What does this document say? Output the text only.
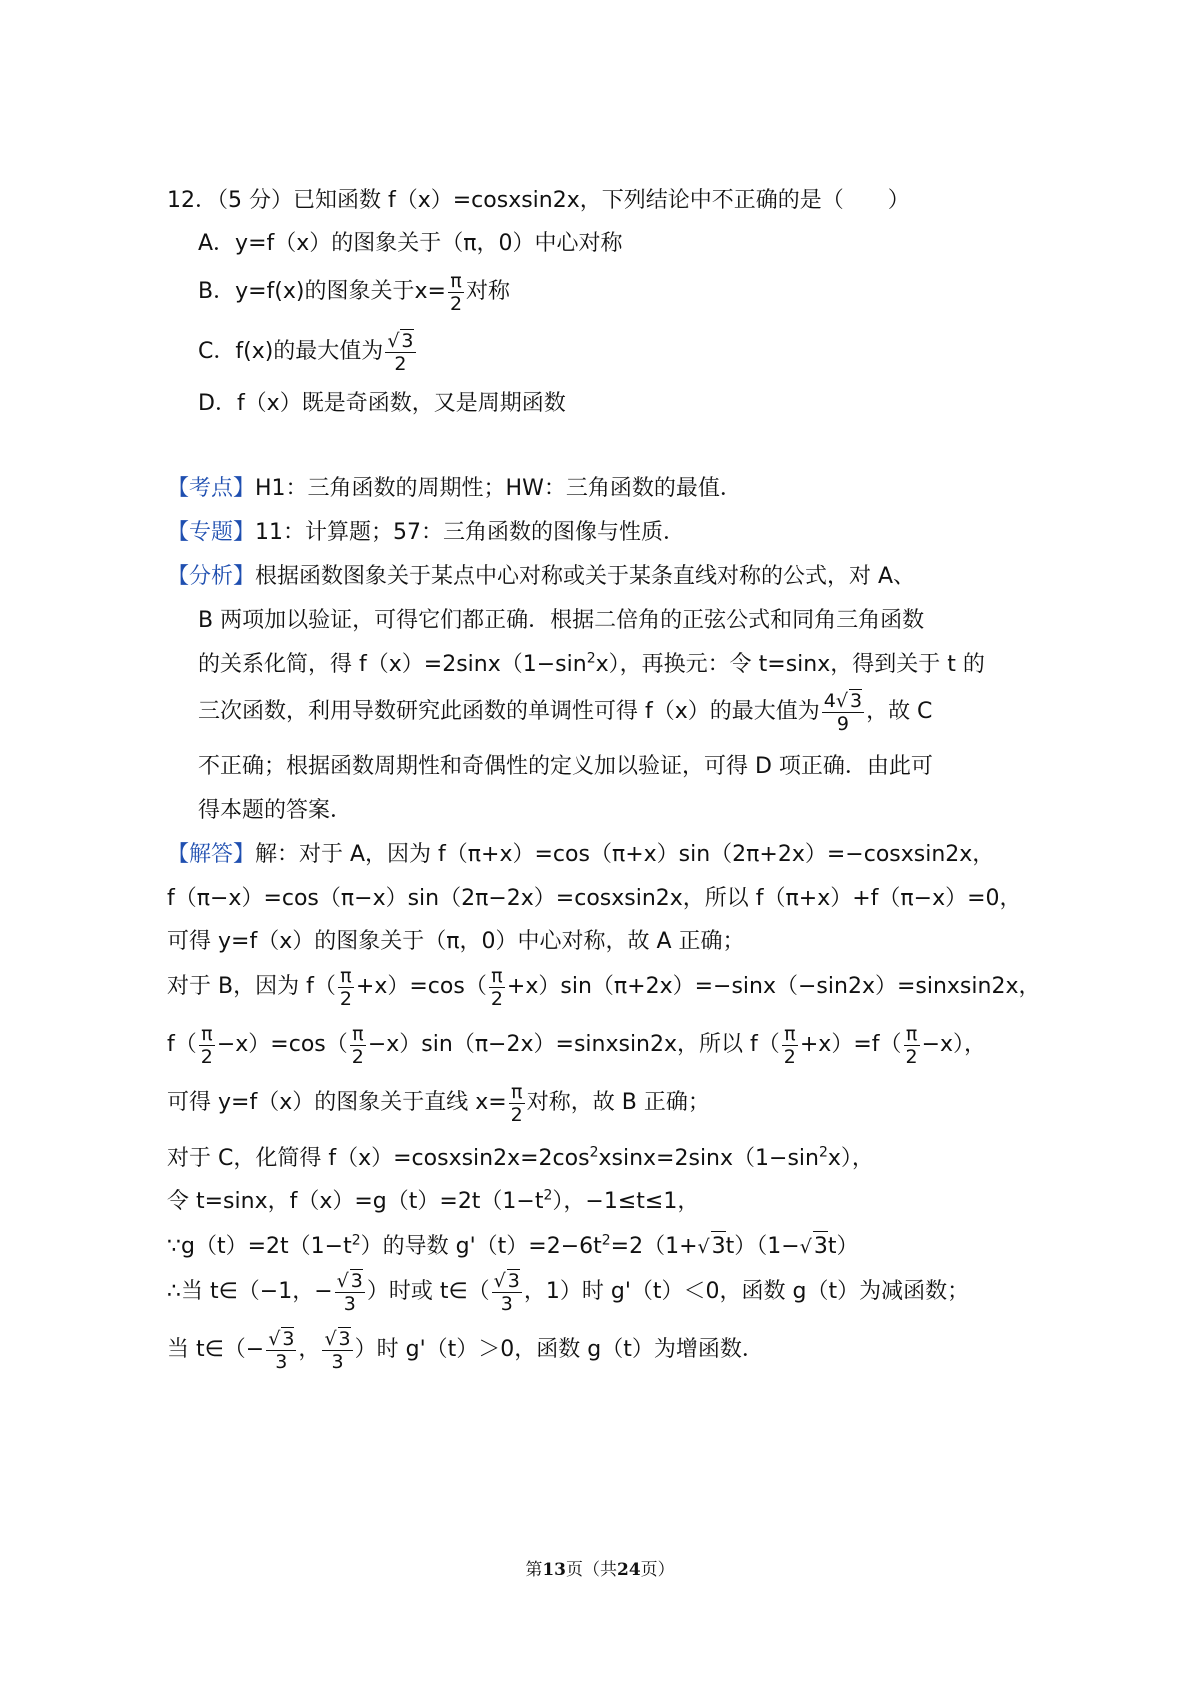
12．（5 分）已知函数 f（x）=cosxsin2x，下列结论中不正确的是（　　）
A．y=f（x）的图象关于（π，0）中心对称
B．y=f(x)的图象关于$x= \frac{\pi}{2}$ 对称
C．f(x)的最大值为 $\frac{√ 3}{2}$
D．f（x）既是奇函数，又是周期函数
【考点】H1：三角函数的周期性；HW：三角函数的最值．
【专题】11：计算题；57：三角函数的图像与性质．
【分析】根据函数图象关于某点中心对称或关于某条直线对称的公式，对 A、
B 两项加以验证，可得它们都正确．根据二倍角的正弦公式和同角三角函数
的关系化简，得 $f(x)=2\sin x(1-\sin^2x)$，再换元：令 t=sinx，得到关于 t 的
三次函数，利用导数研究此函数的单调性可得 f（x）的最大值为 $\frac{4√ 3}{9}$ ，故 C
不正确；根据函数周期性和奇偶性的定义加以验证，可得 D 项正确．由此可
得本题的答案．
【解答】解：对于 A，因为 f（π+x）=cos（π+x）sin（2π+2x）=−cosxsin2x，
f（π−x）=cos（π−x）sin（2π−2x）=cosxsin2x，所以 f（π+x）+f（π−x）=0，
可得 y=f（x）的图象关于（π，0）中心对称，故 A 正确；
对于 B，因为 $f( \frac{\pi}{2} +x)=\cos( \frac{\pi}{2}$ +x）sin（π+2x）=−sinx（−sin2x）=sinxsin2x，
$f( \frac{\pi}{2} -x)=\cos( \frac{\pi}{2}$ −x）sin（π−2x）=sinxsin2x，所以 $f( \frac{\pi}{2} +x)=f( \frac{\pi}{2} -x)$，
可得 y=f（x）的图象关于直线 $x= \frac{\pi}{2}$ 对称，故 B 正确；
对于 C，化简得 $f(x)=cosxsin2x=2\cos^2xsinx=2\sin x(1-\sin^2x)$，
令 t=sinx，$f(x)=g(t)=2t(1-t^2)$，−1≤t≤1，
$\because g(t)=2t(1-t^2)$的导数 $g'(t)=2-6t^2=2(1+√3t)(1-√3t)$
∴当 t∈（−1，− $\frac{√ 3}{3}$ ）时或 t∈（ $\frac{√ 3}{3}$ ，1）时 g'（t）＜0，函数 g（t）为减函数；
当 t∈（− $\frac{√ 3}{3}$ ， $\frac{√ 3}{3}$ ）时 g'（t）＞0，函数 g（t）为增函数．
第13页（共24页）
